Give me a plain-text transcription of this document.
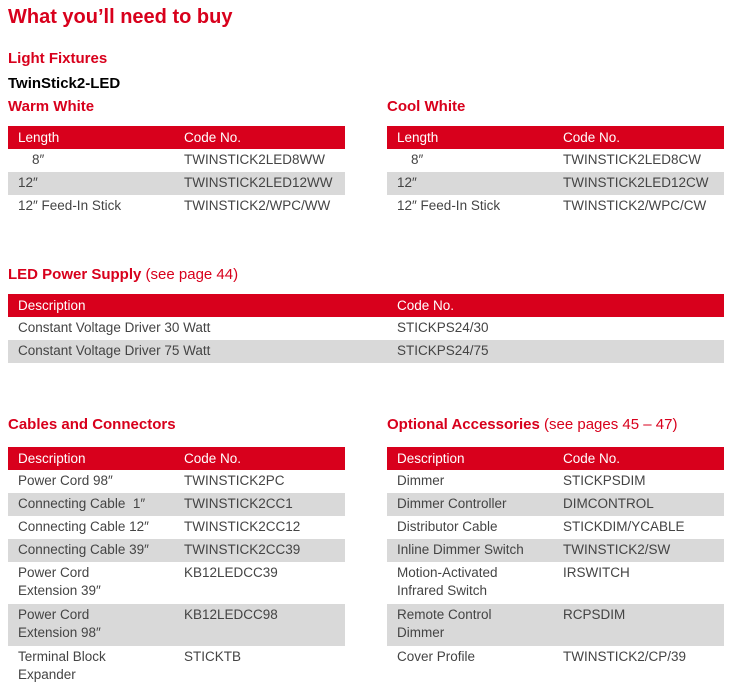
What you’ll need to buy
Light Fixtures
TwinStick2-LED
Warm White
Length	Code No.
8″	TWINSTICK2LED8WW
12″	TWINSTICK2LED12WW
12″ Feed-In Stick	TWINSTICK2/WPC/WW
Cool White
Length	Code No.
8″	TWINSTICK2LED8CW
12″	TWINSTICK2LED12CW
12″ Feed-In Stick	TWINSTICK2/WPC/CW
LED Power Supply (see page 44)
Description	Code No.
Constant Voltage Driver 30 Watt	STICKPS24/30
Constant Voltage Driver 75 Watt	STICKPS24/75
Cables and Connectors
Description	Code No.
Power Cord 98″	TWINSTICK2PC
Connecting Cable  1″	TWINSTICK2CC1
Connecting Cable 12″	TWINSTICK2CC12
Connecting Cable 39″	TWINSTICK2CC39

Power Cord
Extension 39″	KB12LEDCC39

Power Cord
Extension 98″	KB12LEDCC98

Terminal Block
Expander	STICKTB
Optional Accessories (see pages 45 – 47)
Description	Code No.
Dimmer	STICKPSDIM
Dimmer Controller	DIMCONTROL
Distributor Cable	STICKDIM/YCABLE
Inline Dimmer Switch	TWINSTICK2/SW

Motion-Activated
Infrared Switch	IRSWITCH

Remote Control
Dimmer	RCPSDIM
Cover Profile	TWINSTICK2/CP/39
